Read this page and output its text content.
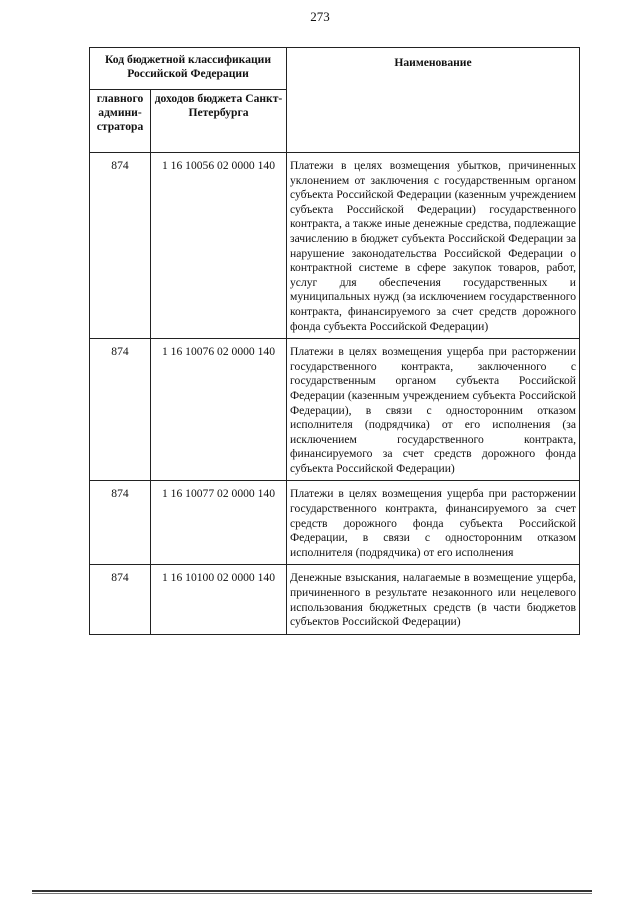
273
Код бюджетной классификации Российской Федерации		Наименование
главного админи-стратора	доходов бюджета Санкт-Петербурга	
874	1 16 10056 02 0000 140	Платежи в целях возмещения убытков, причиненных уклонением от заключения с государственным органом субъекта Российской Федерации (казенным учреждением субъекта Российской Федерации) государственного контракта, а также иные денежные средства, подлежащие зачислению в бюджет субъекта Российской Федерации за нарушение законодательства Российской Федерации о контрактной системе в сфере закупок товаров, работ, услуг для обеспечения государственных и муниципальных нужд (за исключением государственного контракта, финансируемого за счет средств дорожного фонда субъекта Российской Федерации)
874	1 16 10076 02 0000 140	Платежи в целях возмещения ущерба при расторжении государственного контракта, заключенного с государственным органом субъекта Российской Федерации (казенным учреждением субъекта Российской Федерации), в связи с односторонним отказом исполнителя (подрядчика) от его исполнения (за исключением государственного контракта, финансируемого за счет средств дорожного фонда субъекта Российской Федерации)
874	1 16 10077 02 0000 140	Платежи в целях возмещения ущерба при расторжении государственного контракта, финансируемого за счет средств дорожного фонда субъекта Российской Федерации, в связи с односторонним отказом исполнителя (подрядчика) от его исполнения
874	1 16 10100 02 0000 140	Денежные взыскания, налагаемые в возмещение ущерба, причиненного в результате незаконного или нецелевого использования бюджетных средств (в части бюджетов субъектов Российской Федерации)
